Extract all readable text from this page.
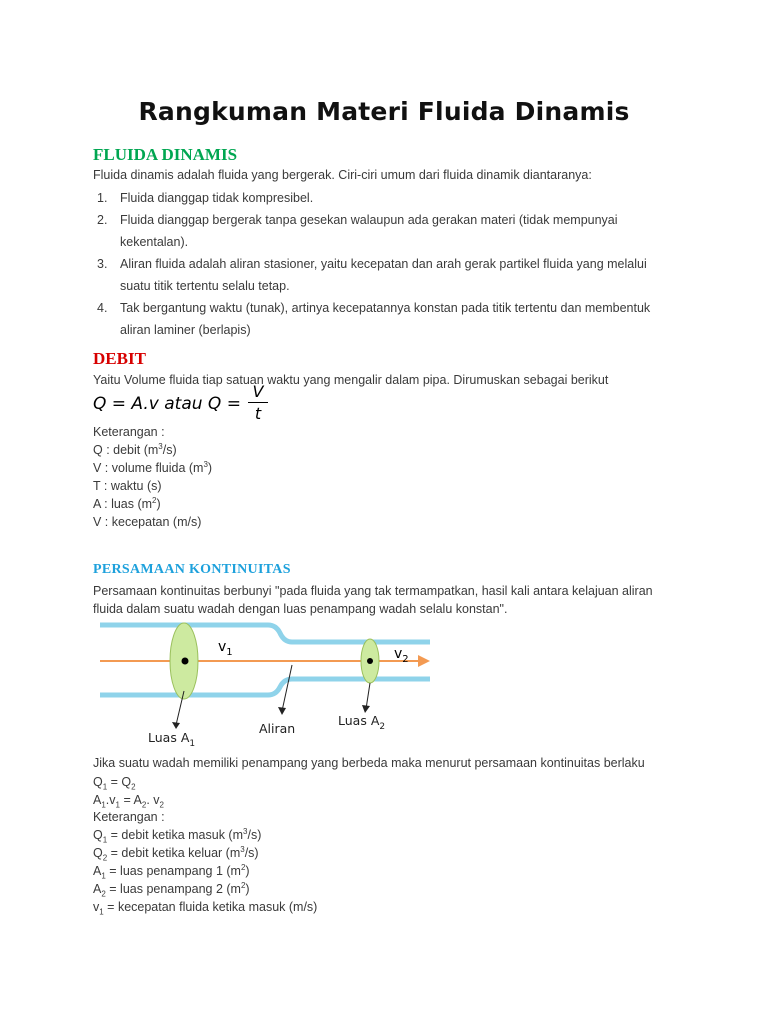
Rangkuman Materi Fluida Dinamis
FLUIDA DINAMIS
Fluida dinamis adalah fluida yang bergerak. Ciri-ciri umum dari fluida dinamik diantaranya:
1. Fluida dianggap tidak kompresibel.
2. Fluida dianggap bergerak tanpa gesekan walaupun ada gerakan materi (tidak mempunyai
kekentalan).
3. Aliran fluida adalah aliran stasioner, yaitu kecepatan dan arah gerak partikel fluida yang melalui
suatu titik tertentu selalu tetap.
4. Tak bergantung waktu (tunak), artinya kecepatannya konstan pada titik tertentu dan membentuk
aliran laminer (berlapis)
DEBIT
Yaitu Volume fluida tiap satuan waktu yang mengalir dalam pipa. Dirumuskan sebagai berikut
Q = A.v atau Q =
V
t
Keterangan :
Q : debit $(m^3/s)$
V : volume fluida $(m^3)$
T : waktu (s)
A : luas $(m^2)$
V : kecepatan (m/s)
PERSAMAAN KONTINUITAS
Persamaan kontinuitas berbunyi "pada fluida yang tak termampatkan, hasil kali antara kelajuan aliran
fluida dalam suatu wadah dengan luas penampang wadah selalu konstan".
$v_1$	$v_2$
Luas $A_1$
Aliran
Luas $A_2$
Jika suatu wadah memiliki penampang yang berbeda maka menurut persamaan kontinuitas berlaku
$Q_1 = Q_2$
$A_1.v_1 = A_2$. $v_2$
Keterangan :
$Q_1$ = debit ketika masuk $(m^3/s)$
$Q_2$ = debit ketika keluar $(m^3/s)$
$A_1$ = luas penampang 1 $(m^2)$
$A_2$ = luas penampang 2 $(m^2)$
$v_1$ = kecepatan fluida ketika masuk (m/s)
